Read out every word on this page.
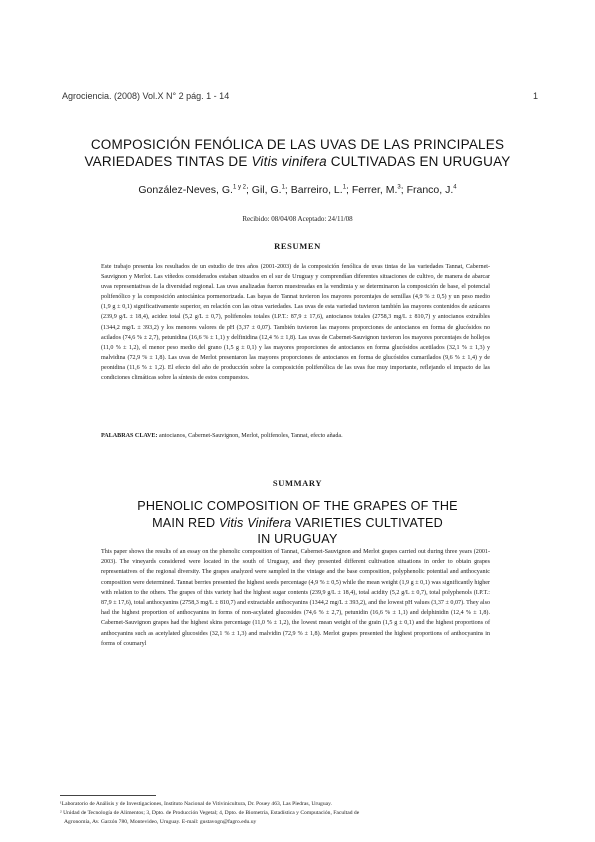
Agrociencia. (2008) Vol.X N° 2 pág. 1 - 14	1
COMPOSICIÓN FENÓLICA DE LAS UVAS DE LAS PRINCIPALES
VARIEDADES TINTAS DE Vitis vinifera CULTIVADAS EN URUGUAY
González-Neves, G.$^{1 y 2}$; Gil, G.$^1$; Barreiro, L.$^1$; Ferrer, M.$^3$; Franco, J.$^4$
Recibido: 08/04/08 Aceptado: 24/11/08
RESUMEN
Este trabajo presenta los resultados de un estudio de tres años (2001-2003) de la composición fenólica de uvas tintas de las variedades Tannat, Cabernet-Sauvignon y Merlot. Las viñedos considerados estaban situados en el sur de Uruguay y comprendían diferentes situaciones de cultivo, de manera de abarcar uvas representativas de la diversidad regional. Las uvas analizadas fueron muestreadas en la vendimia y se determinaron la composición de base, el potencial polifenólico y la composición antociánica pormenorizada. Las bayas de Tannat tuvieron los mayores porcentajes de semillas (4,9 % ± 0,5) y un peso medio (1,9 g ± 0,1) significativamente superior, en relación con las otras variedades. Las uvas de esta variedad tuvieron también las mayores contenidos de azúcares (239,9 g/L ± 18,4), acidez total (5,2 g/L ± 0,7), polifenoles totales (I.P.T.: 87,9 ± 17,6), antocianos totales (2758,3 mg/L ± 810,7) y antocianos extraíbles (1344,2 mg/L ± 393,2) y los menores valores de pH (3,37 ± 0,07). También tuvieron las mayores proporciones de antocianos en forma de glucósidos no acilados (74,6 % ± 2,7), petunidina (16,6 % ± 1,1) y delfinidina (12,4 % ± 1,8). Las uvas de Cabernet-Sauvignon tuvieron los mayores porcentajes de hollejos (11,0 % ± 1,2), el menor peso medio del grano (1,5 g ± 0,1) y las mayores proporciones de antocianos en forma glucósidos acetilados (32,1 % ± 1,3) y malvidina (72,9 % ± 1,8). Las uvas de Merlot presentaron las mayores proporciones de antocianos en forma de glucósidos cumarilados (9,6 % ± 1,4) y de peonidina (11,6 % ± 1,2). El efecto del año de producción sobre la composición polifenólica de las uvas fue muy importante, reflejando el impacto de las condiciones climáticas sobre la síntesis de estos compuestos.
PALABRAS CLAVE: antocianos, Cabernet-Sauvignon, Merlot, polifenoles, Tannat, efecto añada.
SUMMARY
PHENOLIC COMPOSITION OF THE GRAPES OF THE
MAIN RED Vitis Vinifera VARIETIES CULTIVATED
IN URUGUAY
This paper shows the results of an essay on the phenolic composition of Tannat, Cabernet-Sauvignon and Merlot grapes carried out during three years (2001-2003). The vineyards considered were located in the south of Uruguay, and they presented different cultivation situations in order to obtain grapes representatives of the regional diversity. The grapes analyzed were sampled in the vintage and the base composition, polyphenolic potential and anthocyanic composition were determined. Tannat berries presented the highest seeds percentage (4,9 % ± 0,5) while the mean weight (1,9 g ± 0,1) was significantly higher with relation to the others. The grapes of this variety had the highest sugar contents (239,9 g/L ± 18,4), total acidity (5,2 g/L ± 0,7), total polyphenols (I.P.T.: 87,9 ± 17,6), total anthocyanins (2758,3 mg/L ± 810,7) and extractable anthocyanins (1344,2 mg/L ± 393,2), and the lowest pH values (3,37 ± 0,07). They also had the highest proportion of anthocyanins in forms of non-acylated glucosides (74,6 % ± 2,7), petunidin (16,6 % ± 1,1) and delphinidin (12,4 % ± 1,8). Cabernet-Sauvignon grapes had the highest skins percentage (11,0 % ± 1,2), the lowest mean weight of the grain (1,5 g ± 0,1) and the highest proportions of anthocyanins such as acetylated glucosides (32,1 % ± 1,3) and malvidin (72,9 % ± 1,8). Merlot grapes presented the highest proportions of anthocyanins in forms of coumaryl
¹Laboratorio de Análisis y de Investigaciones, Instituto Nacional de Vitivinicultura, Dr. Pouey 463, Las Piedras, Uruguay.
² Unidad de Tecnología de Alimentos; 3, Dpto. de Producción Vegetal; 4, Dpto. de Biometría, Estadística y Computación, Facultad de
Agronomía, Av. Garzón 780, Montevideo, Uruguay. E-mail: gustavogn@fagro.edu.uy
